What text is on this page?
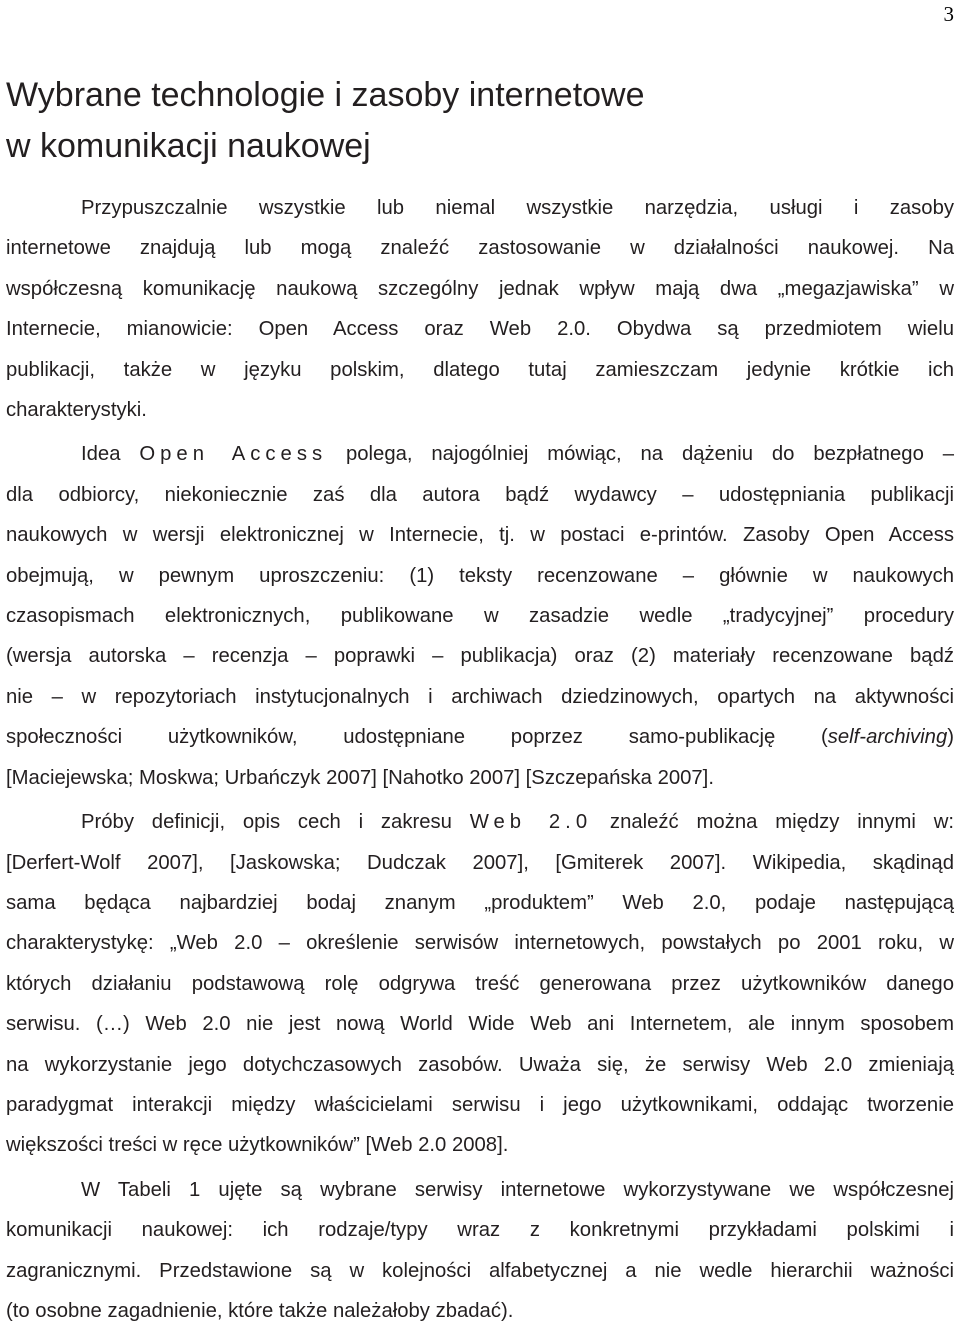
3
Wybrane technologie i zasoby internetowe
w komunikacji naukowej

Przypuszczalnie wszystkie lub niemal wszystkie narzędzia, usługi i zasoby
internetowe znajdują lub mogą znaleźć zastosowanie w działalności naukowej. Na
współczesną komunikację naukową szczególny jednak wpływ mają dwa „megazjawiska” w
Internecie, mianowicie: Open Access oraz Web 2.0. Obydwa są przedmiotem wielu
publikacji, także w języku polskim, dlatego tutaj zamieszczam jedynie krótkie ich
charakterystyki.

Idea Open Access polega, najogólniej mówiąc, na dążeniu do bezpłatnego –
dla odbiorcy, niekoniecznie zaś dla autora bądź wydawcy – udostępniania publikacji
naukowych w wersji elektronicznej w Internecie, tj. w postaci e-printów. Zasoby Open Access
obejmują, w pewnym uproszczeniu: (1) teksty recenzowane – głównie w naukowych
czasopismach elektronicznych, publikowane w zasadzie wedle „tradycyjnej” procedury
(wersja autorska – recenzja – poprawki – publikacja) oraz (2) materiały recenzowane bądź
nie – w repozytoriach instytucjonalnych i archiwach dziedzinowych, opartych na aktywności
społeczności użytkowników, udostępniane poprzez samo-publikację (self-archiving)
[Maciejewska; Moskwa; Urbańczyk 2007] [Nahotko 2007] [Szczepańska 2007].

Próby definicji, opis cech i zakresu Web 2.0 znaleźć można między innymi w:
[Derfert-Wolf 2007], [Jaskowska; Dudczak 2007], [Gmiterek 2007]. Wikipedia, skądinąd
sama będąca najbardziej bodaj znanym „produktem” Web 2.0, podaje następującą
charakterystykę: „Web 2.0 – określenie serwisów internetowych, powstałych po 2001 roku, w
których działaniu podstawową rolę odgrywa treść generowana przez użytkowników danego
serwisu. (…) Web 2.0 nie jest nową World Wide Web ani Internetem, ale innym sposobem
na wykorzystanie jego dotychczasowych zasobów. Uważa się, że serwisy Web 2.0 zmieniają
paradygmat interakcji między właścicielami serwisu i jego użytkownikami, oddając tworzenie
większości treści w ręce użytkowników” [Web 2.0 2008].

W Tabeli 1 ujęte są wybrane serwisy internetowe wykorzystywane we współczesnej
komunikacji naukowej: ich rodzaje/typy wraz z konkretnymi przykładami polskimi i
zagranicznymi. Przedstawione są w kolejności alfabetycznej a nie wedle hierarchii ważności
(to osobne zagadnienie, które także należałoby zbadać).
